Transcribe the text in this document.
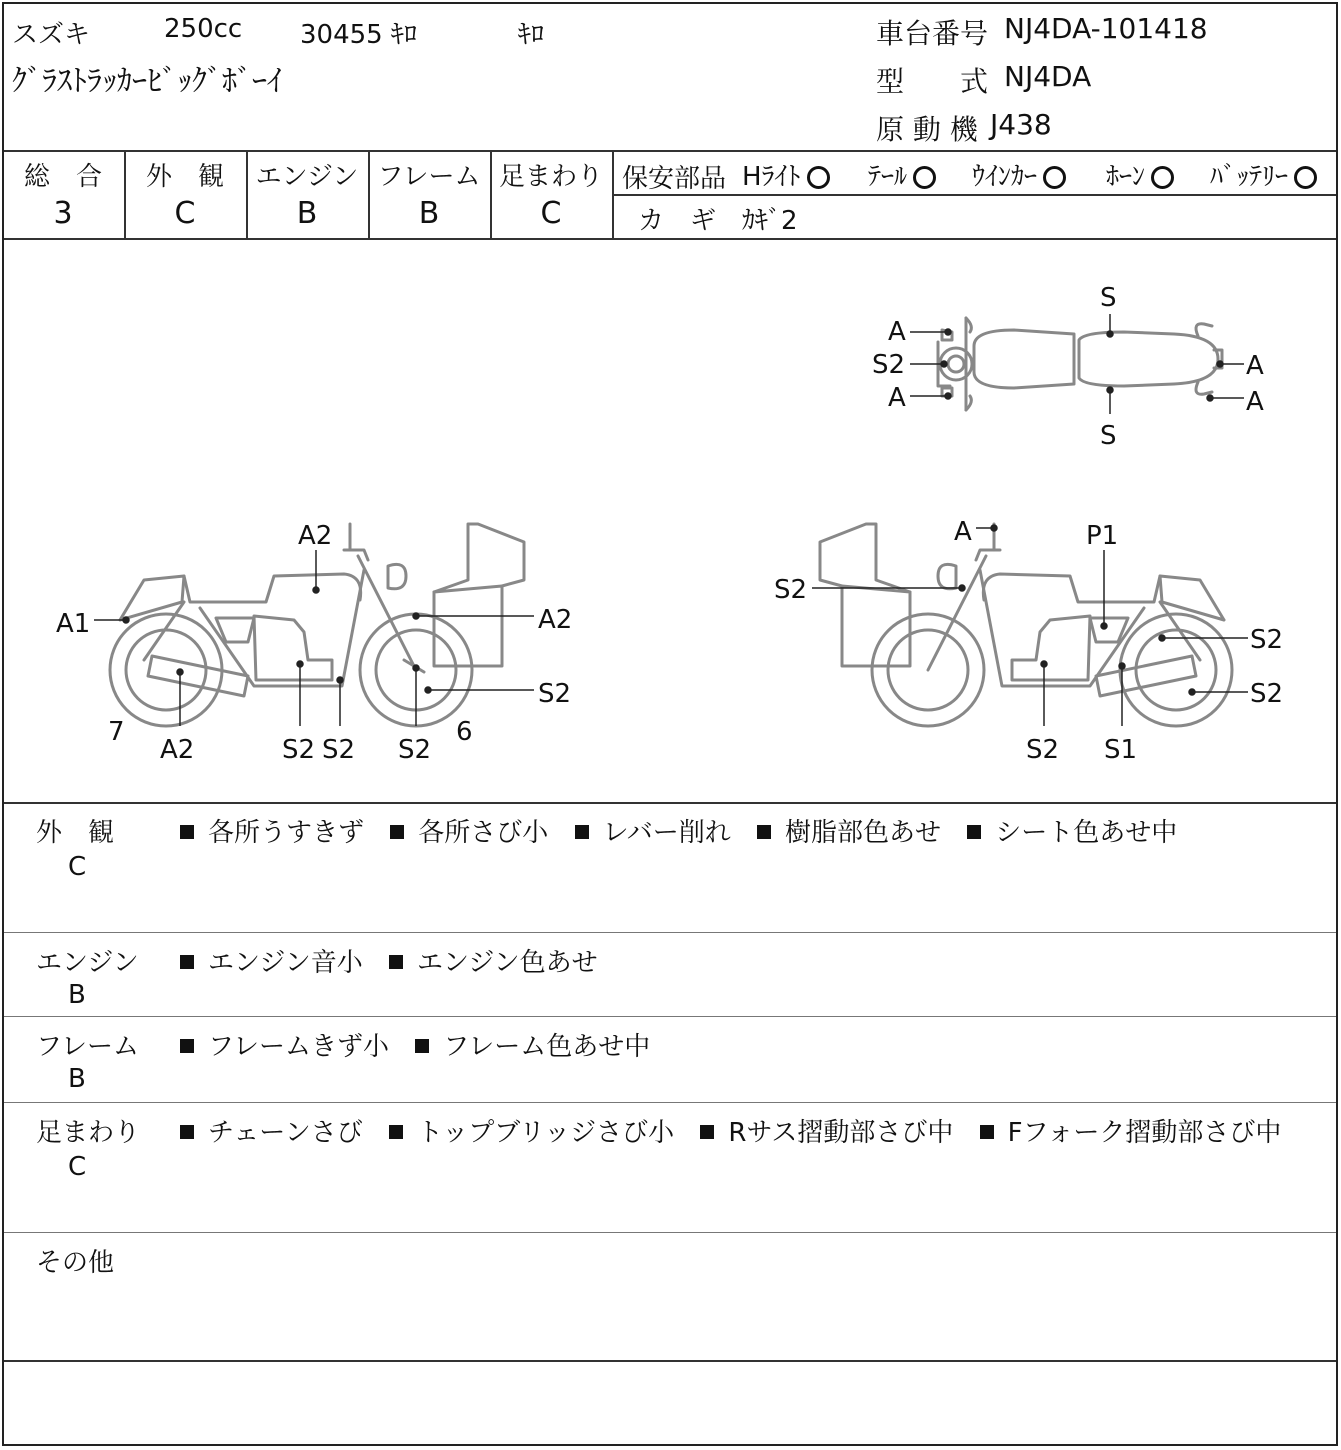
スズキ	250cc 30455 ｷﾛ	ｷﾛ
ｸﾞﾗｽﾄﾗｯｶｰﾋﾞｯｸﾞﾎﾞｰｲ
車台番号 NJ4DA-101418
型　　式 NJ4DA
原 動 機 J438
総　合
3
外　観
C
エンジン
B
フレーム
B
足まわり
C
保安部品 Hﾗｲﾄ	ﾃｰﾙ	ｳｲﾝｶｰ	ﾎｰﾝ	ﾊﾞｯﾃﾘｰ
カ　ギ ｶｷﾞ2
S
A
S2
A
A
A
S
A2
A1	A2
S2
7
A2	S2 S2 S2
6
A	P1
S2
S2
S2
S2 S1
外　観
C
各所うすきず 各所さび小 レバー削れ 樹脂部色あせ シート色あせ中
エンジン
B
エンジン音小 エンジン色あせ
フレーム
B
フレームきず小 フレーム色あせ中
足まわり
C
チェーンさび トップブリッジさび小 Rサス摺動部さび中 Fフォーク摺動部さび中
その他
